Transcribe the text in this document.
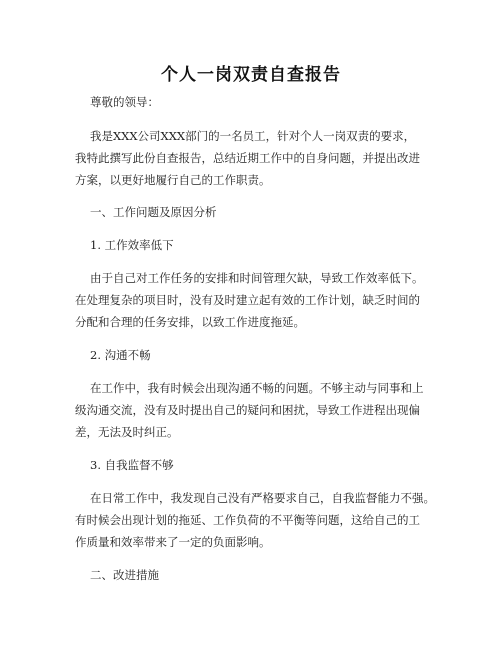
个人一岗双责自查报告
尊敬的领导：
我是XXX公司XXX部门的一名员工，针对个人一岗双责的要求，
我特此撰写此份自查报告，总结近期工作中的自身问题，并提出改进
方案，以更好地履行自己的工作职责。
一、工作问题及原因分析
1. 工作效率低下
由于自己对工作任务的安排和时间管理欠缺，导致工作效率低下。
在处理复杂的项目时，没有及时建立起有效的工作计划，缺乏时间的
分配和合理的任务安排，以致工作进度拖延。
2. 沟通不畅
在工作中，我有时候会出现沟通不畅的问题。不够主动与同事和上
级沟通交流，没有及时提出自己的疑问和困扰，导致工作进程出现偏
差，无法及时纠正。
3. 自我监督不够
在日常工作中，我发现自己没有严格要求自己，自我监督能力不强。
有时候会出现计划的拖延、工作负荷的不平衡等问题，这给自己的工
作质量和效率带来了一定的负面影响。
二、改进措施
